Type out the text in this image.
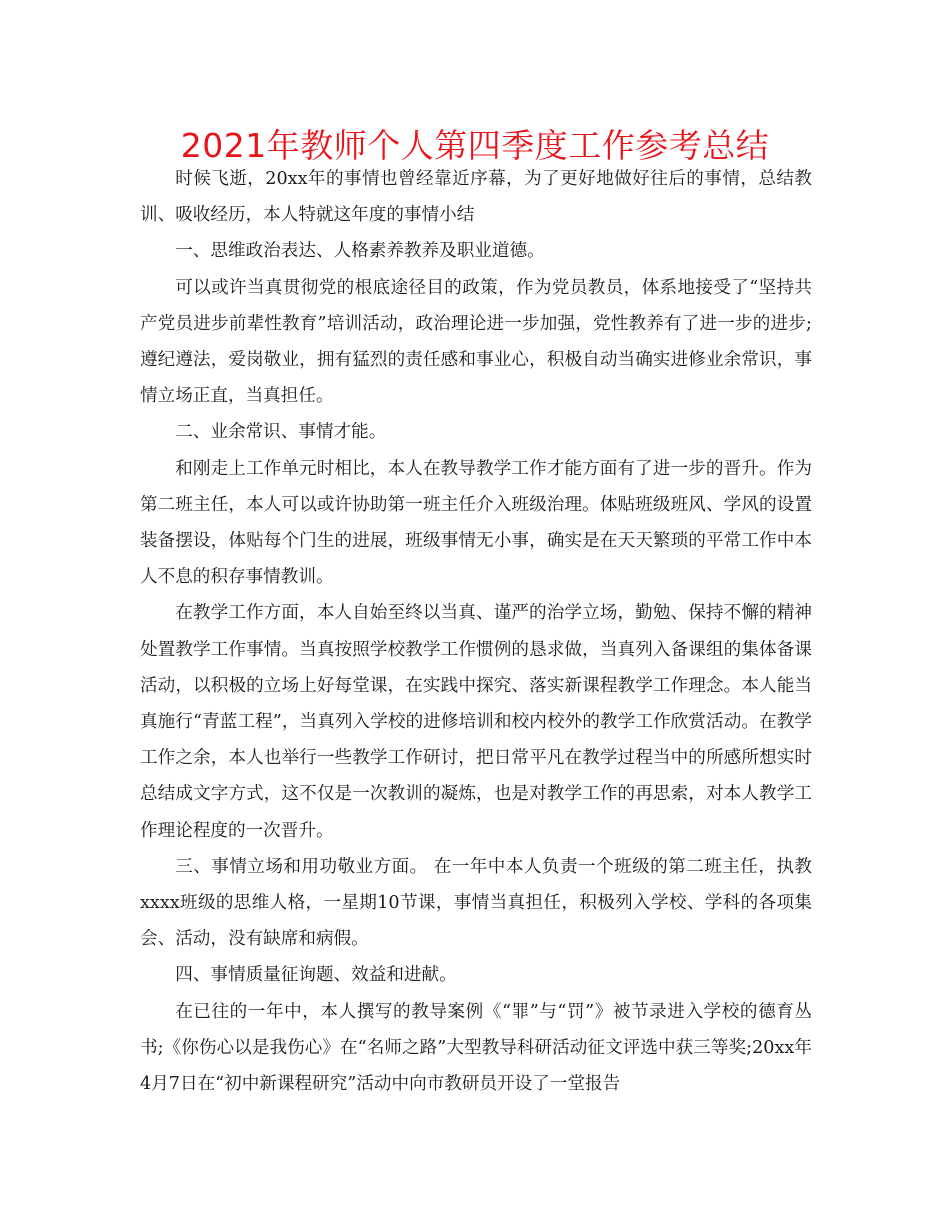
2021年教师个人第四季度工作参考总结

时候飞逝，20xx年的事情也曾经靠近序幕，为了更好地做好往后的事情，总结教训、吸收经历，本人特就这年度的事情小结

一、思维政治表达、人格素养教养及职业道德。

可以或许当真贯彻党的根底途径目的政策，作为党员教员，体系地接受了“坚持共产党员进步前辈性教育”培训活动，政治理论进一步加强，党性教养有了进一步的进步;遵纪遵法，爱岗敬业，拥有猛烈的责任感和事业心，积极自动当确实进修业余常识，事情立场正直，当真担任。

二、业余常识、事情才能。

和刚走上工作单元时相比，本人在教导教学工作才能方面有了进一步的晋升。作为第二班主任，本人可以或许协助第一班主任介入班级治理。体贴班级班风、学风的设置装备摆设，体贴每个门生的进展，班级事情无小事，确实是在天天繁琐的平常工作中本人不息的积存事情教训。

在教学工作方面，本人自始至终以当真、谨严的治学立场，勤勉、保持不懈的精神处置教学工作事情。当真按照学校教学工作惯例的恳求做，当真列入备课组的集体备课活动，以积极的立场上好每堂课，在实践中探究、落实新课程教学工作理念。本人能当真施行“青蓝工程”，当真列入学校的进修培训和校内校外的教学工作欣赏活动。在教学工作之余，本人也举行一些教学工作研讨，把日常平凡在教学过程当中的所感所想实时总结成文字方式，这不仅是一次教训的凝炼，也是对教学工作的再思索，对本人教学工作理论程度的一次晋升。

三、事情立场和用功敬业方面。 在一年中本人负责一个班级的第二班主任，执教xxxx班级的思维人格，一星期10节课，事情当真担任，积极列入学校、学科的各项集会、活动，没有缺席和病假。

四、事情质量征询题、效益和进献。

在已往的一年中，本人撰写的教导案例《“罪”与“罚”》被节录进入学校的德育丛书;《你伤心以是我伤心》在“名师之路”大型教导科研活动征文评选中获三等奖;20xx年4月7日在“初中新课程研究”活动中向市教研员开设了一堂报告
